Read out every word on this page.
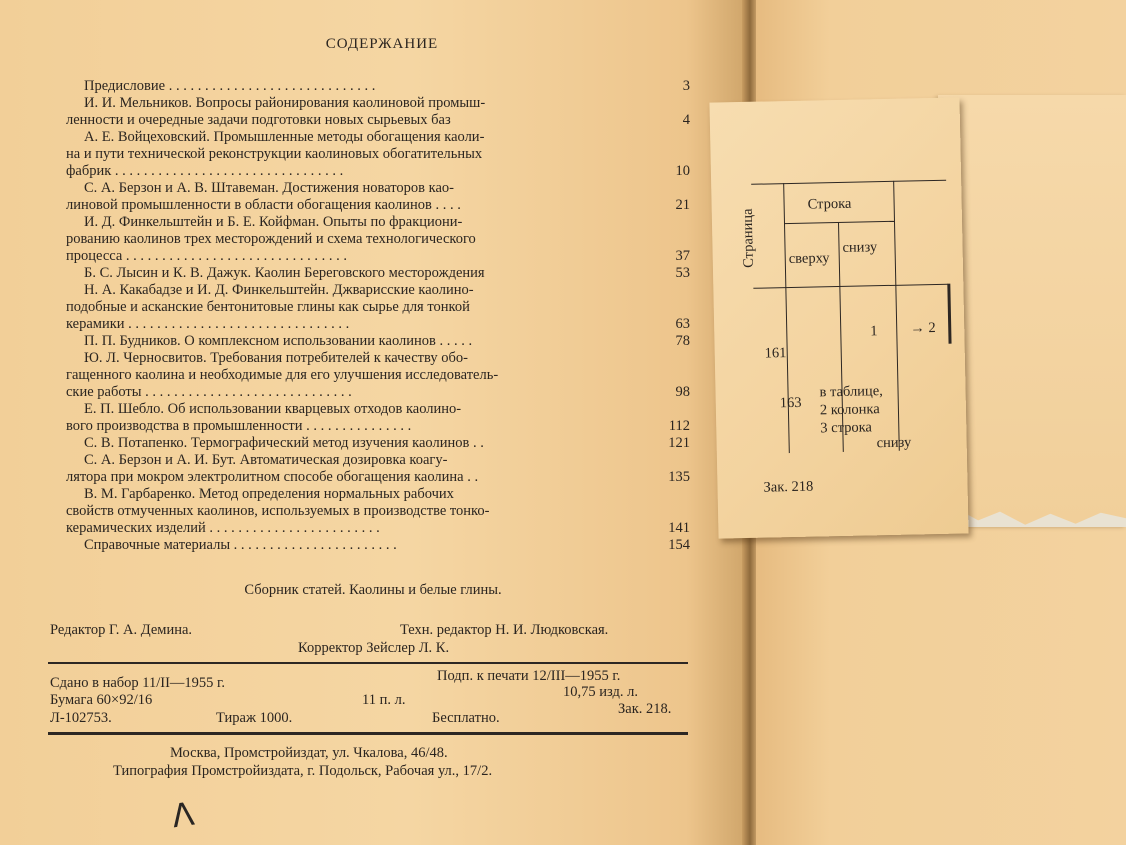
СОДЕРЖАНИЕ
Предисловие . . . . . . . . . . . . . . . . . . . . . . . . . . . . .	3
И. И. Мельников. Вопросы районирования каолиновой промыш-
ленности и очередные задачи подготовки новых сырьевых баз	4
А. Е. Войцеховский. Промышленные методы обогащения каоли-
на и пути технической реконструкции каолиновых обогатительных
фабрик . . . . . . . . . . . . . . . . . . . . . . . . . . . . . . . .	10
С. А. Берзон и А. В. Штавеман. Достижения новаторов као-
линовой промышленности в области обогащения каолинов . . . .	21
И. Д. Финкельштейн и Б. Е. Койфман. Опыты по фракциони-
рованию каолинов трех месторождений и схема технологического
процесса . . . . . . . . . . . . . . . . . . . . . . . . . . . . . . .	37
Б. С. Лысин и К. В. Дажук. Каолин Береговского месторождения	53
Н. А. Какабадзе и И. Д. Финкельштейн. Джварисские каолино-
подобные и асканские бентонитовые глины как сырье для тонкой
керамики . . . . . . . . . . . . . . . . . . . . . . . . . . . . . . .	63
П. П. Будников. О комплексном использовании каолинов . . . . .	78
Ю. Л. Черносвитов. Требования потребителей к качеству обо-
гащенного каолина и необходимые для его улучшения исследователь-
ские работы . . . . . . . . . . . . . . . . . . . . . . . . . . . . .	98
Е. П. Шебло. Об использовании кварцевых отходов каолино-
вого производства в промышленности . . . . . . . . . . . . . . .	112
С. В. Потапенко. Термографический метод изучения каолинов . .	121
С. А. Берзон и А. И. Бут. Автоматическая дозировка коагу-
лятора при мокром электролитном способе обогащения каолина . .	135
В. М. Гарбаренко. Метод определения нормальных рабочих
свойств отмученных каолинов, используемых в производстве тонко-
керамических изделий . . . . . . . . . . . . . . . . . . . . . . . .	141
Справочные материалы . . . . . . . . . . . . . . . . . . . . . . .	154
Сборник статей. Каолины и белые глины.
Редактор Г. А. Демина.	Техн. редактор Н. И. Людковская.
Корректор Зейслер Л. К.
Сдано в набор 11/II—1955 г.	Подп. к печати 12/III—1955 г.
Бумага 60×92/16	11 п. л.	10,75 изд. л.
Л-102753.	Тираж 1000.	Бесплатно.
Зак. 218.
Москва, Промстройиздат, ул. Чкалова, 46/48.
Типография Промстройиздата, г. Подольск, Рабочая ул., 17/2.
Λ
Страница
Строка
сверху
снизу
161
1 → 2
163
в таблице,
2 колонка
3 строка
снизу
Зак. 218
